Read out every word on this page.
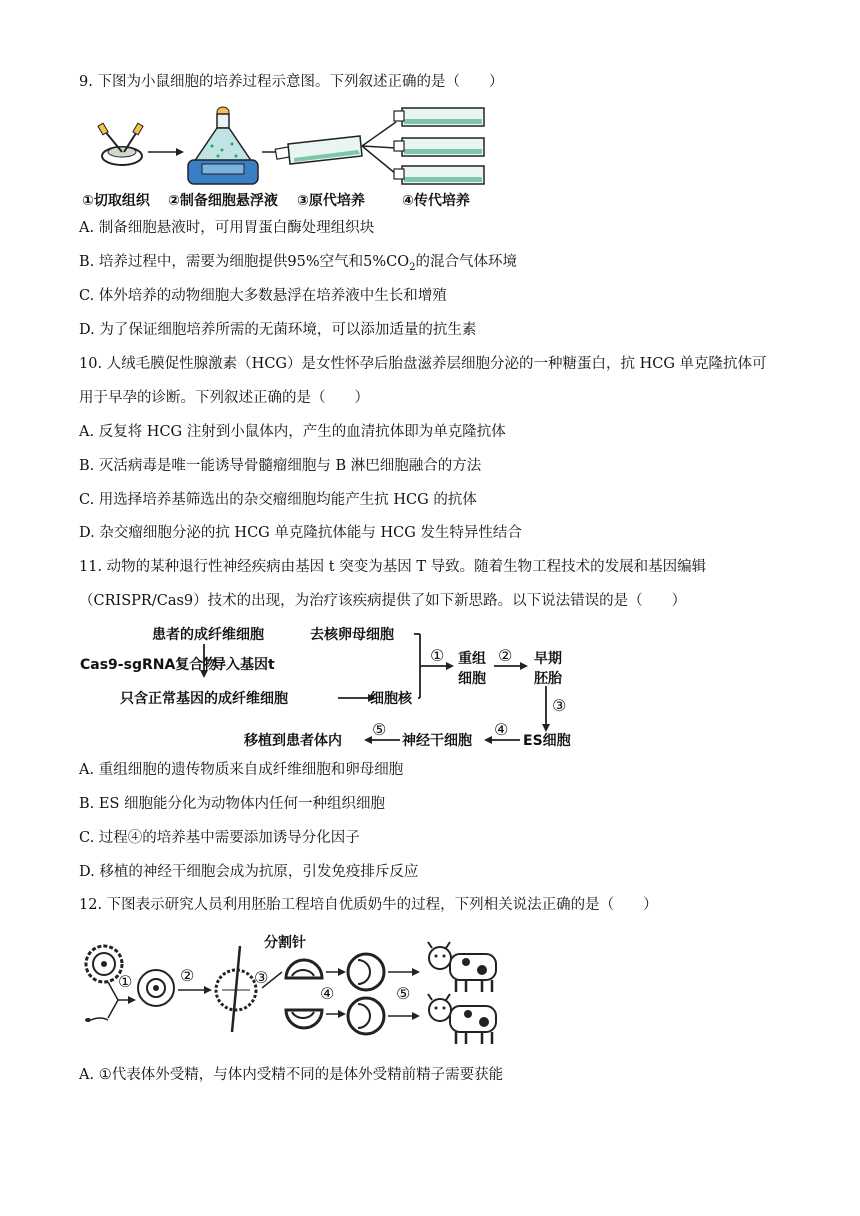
9. 下图为小鼠细胞的培养过程示意图。下列叙述正确的是（　　）
①切取组织 ②制备细胞悬浮液 ③原代培养	④传代培养
A. 制备细胞悬液时，可用胃蛋白酶处理组织块
B. 培养过程中，需要为细胞提供95%空气和$5\%CO_2$的混合气体环境
C. 体外培养的动物细胞大多数悬浮在培养液中生长和增殖
D. 为了保证细胞培养所需的无菌环境，可以添加适量的抗生素
10. 人绒毛膜促性腺激素（HCG）是女性怀孕后胎盘滋养层细胞分泌的一种糖蛋白，抗 HCG 单克隆抗体可
用于早孕的诊断。下列叙述正确的是（　　）
A. 反复将 HCG 注射到小鼠体内，产生的血清抗体即为单克隆抗体
B. 灭活病毒是唯一能诱导骨髓瘤细胞与 B 淋巴细胞融合的方法
C. 用选择培养基筛选出的杂交瘤细胞均能产生抗 HCG 的抗体
D. 杂交瘤细胞分泌的抗 HCG 单克隆抗体能与 HCG 发生特异性结合
11. 动物的某种退行性神经疾病由基因 t 突变为基因 T 导致。随着生物工程技术的发展和基因编辑
（CRISPR/Cas9）技术的出现，为治疗该疾病提供了如下新思路。以下说法错误的是（　　）
患者的成纤维细胞	去核卵母细胞
Cas9-sgRNA复合物
导入基因t
只含正常基因的成纤维细胞	细胞核
① 重组
细胞
② 早期
胚胎
③
ES细胞
④
神经干细胞
⑤
移植到患者体内
A. 重组细胞的遗传物质来自成纤维细胞和卵母细胞
B. ES 细胞能分化为动物体内任何一种组织细胞
C. 过程④的培养基中需要添加诱导分化因子
D. 移植的神经干细胞会成为抗原，引发免疫排斥反应
12. 下图表示研究人员利用胚胎工程培自优质奶牛的过程，下列相关说法正确的是（　　）
分割针
①	②	③
④	⑤
A. ①代表体外受精，与体内受精不同的是体外受精前精子需要获能
